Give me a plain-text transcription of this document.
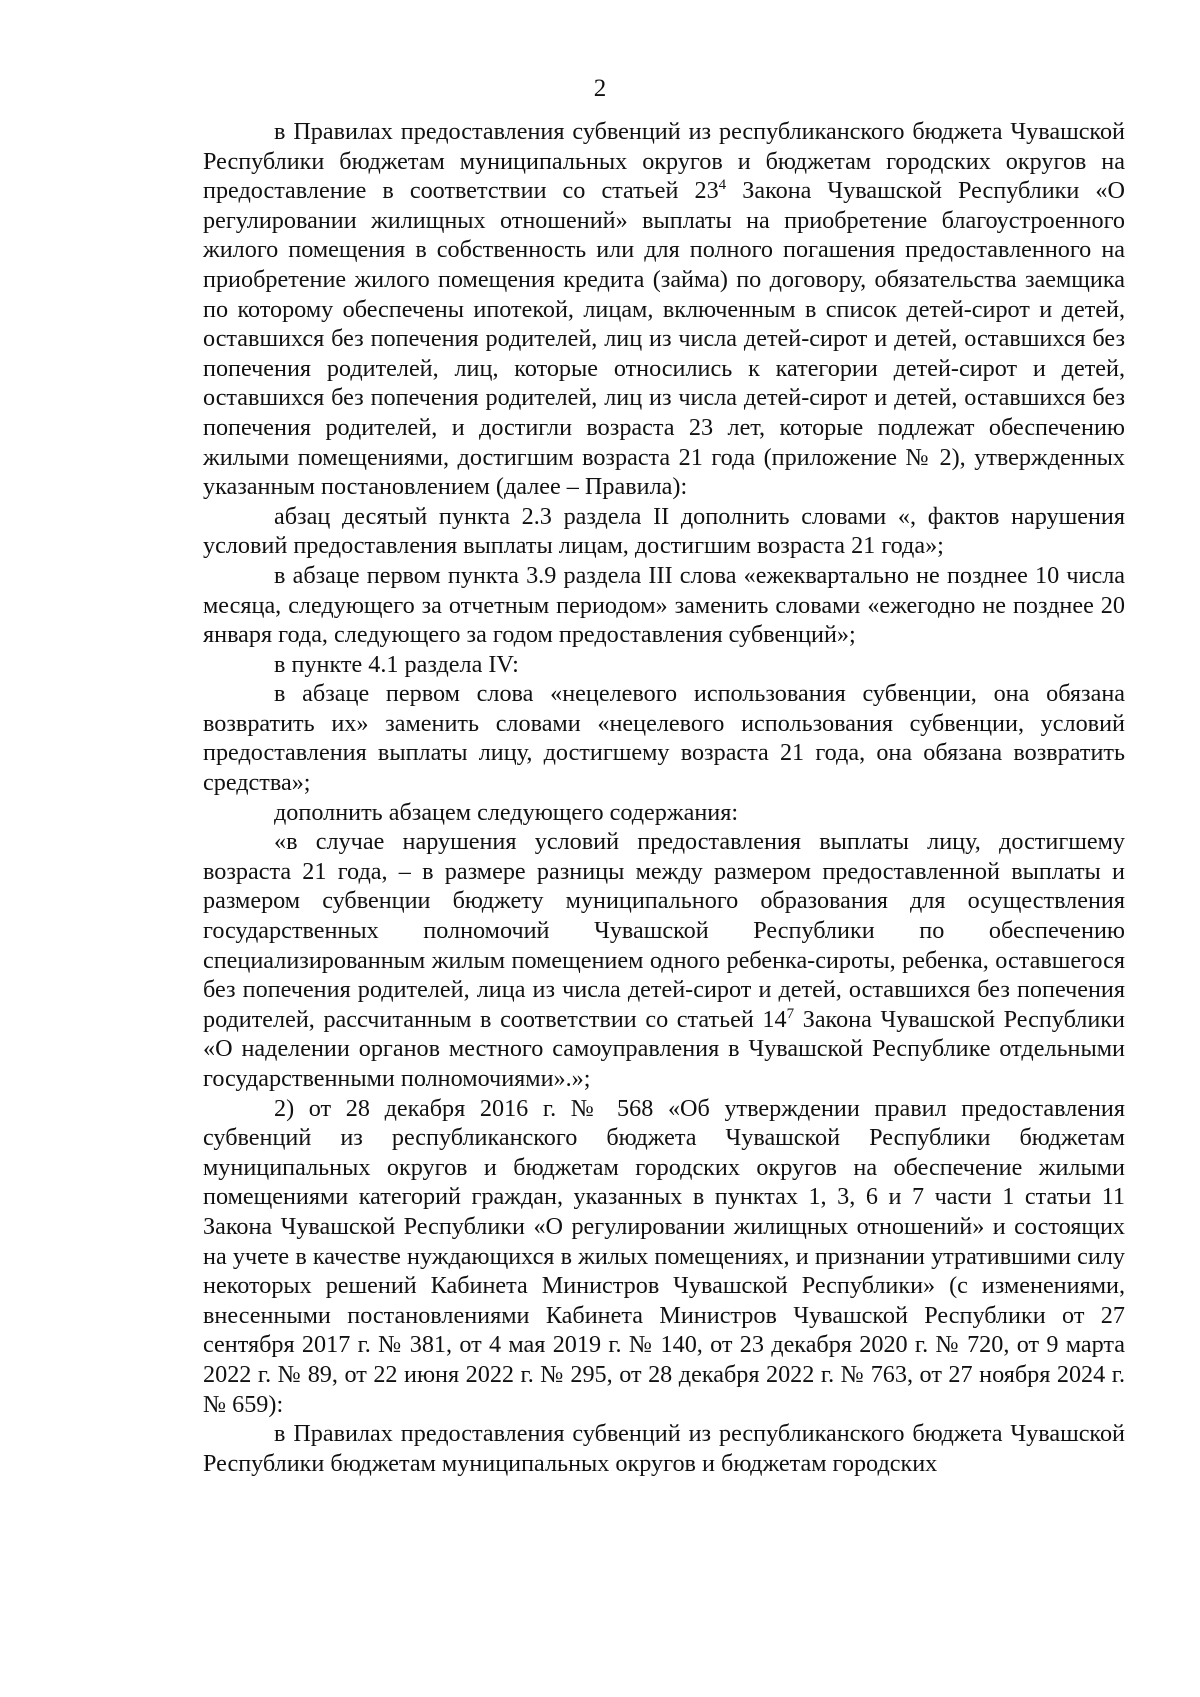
2

в Правилах предоставления субвенций из республиканского бюджета Чувашской Республики бюджетам муниципальных округов и бюджетам городских округов на предоставление в соответствии со статьей $23^4$ Закона Чувашской Республики «О регулировании жилищных отношений» выплаты на приобретение благоустроенного жилого помещения в собственность или для полного погашения предоставленного на приобретение жилого помещения кредита (займа) по договору, обязательства заемщика по которому обеспечены ипотекой, лицам, включенным в список детей-сирот и детей, оставшихся без попечения родителей, лиц из числа детей-сирот и детей, оставшихся без попечения родителей, лиц, которые относились к категории детей-сирот и детей, оставшихся без попечения родителей, лиц из числа детей-сирот и детей, оставшихся без попечения родителей, и достигли возраста 23 лет, которые подлежат обеспечению жилыми помещениями, достигшим возраста 21 года (приложение № 2), утвержденных указанным постановлением (далее – Правила):

абзац десятый пункта 2.3 раздела II дополнить словами «, фактов нарушения условий предоставления выплаты лицам, достигшим возраста 21 года»;

в абзаце первом пункта 3.9 раздела III слова «ежеквартально не позднее 10 числа месяца, следующего за отчетным периодом» заменить словами «ежегодно не позднее 20 января года, следующего за годом предоставления субвенций»;

в пункте 4.1 раздела IV:

в абзаце первом слова «нецелевого использования субвенции, она обязана возвратить их» заменить словами «нецелевого использования субвенции, условий предоставления выплаты лицу, достигшему возраста 21 года, она обязана возвратить средства»;

дополнить абзацем следующего содержания:

«в случае нарушения условий предоставления выплаты лицу, достигшему возраста 21 года, – в размере разницы между размером предоставленной выплаты и размером субвенции бюджету муниципального образования для осуществления государственных полномочий Чувашской Республики по обеспечению специализированным жилым помещением одного ребенка-сироты, ребенка, оставшегося без попечения родителей, лица из числа детей-сирот и детей, оставшихся без попечения родителей, рассчитанным в соответствии со статьей $14^7$ Закона Чувашской Республики «О наделении органов местного самоуправления в Чувашской Республике отдельными государственными полномочиями».»;

2) от 28 декабря 2016 г. № 568 «Об утверждении правил предоставления субвенций из республиканского бюджета Чувашской Республики бюджетам муниципальных округов и бюджетам городских округов на обеспечение жилыми помещениями категорий граждан, указанных в пунктах 1, 3, 6 и 7 части 1 статьи 11 Закона Чувашской Республики «О регулировании жилищных отношений» и состоящих на учете в качестве нуждающихся в жилых помещениях, и признании утратившими силу некоторых решений Кабинета Министров Чувашской Республики» (с изменениями, внесенными постановлениями Кабинета Министров Чувашской Республики от 27 сентября 2017 г. № 381, от 4 мая 2019 г. № 140, от 23 декабря 2020 г. № 720, от 9 марта 2022 г. № 89, от 22 июня 2022 г. № 295, от 28 декабря 2022 г. № 763, от 27 ноября 2024 г. № 659):

в Правилах предоставления субвенций из республиканского бюджета Чувашской Республики бюджетам муниципальных округов и бюджетам городских
